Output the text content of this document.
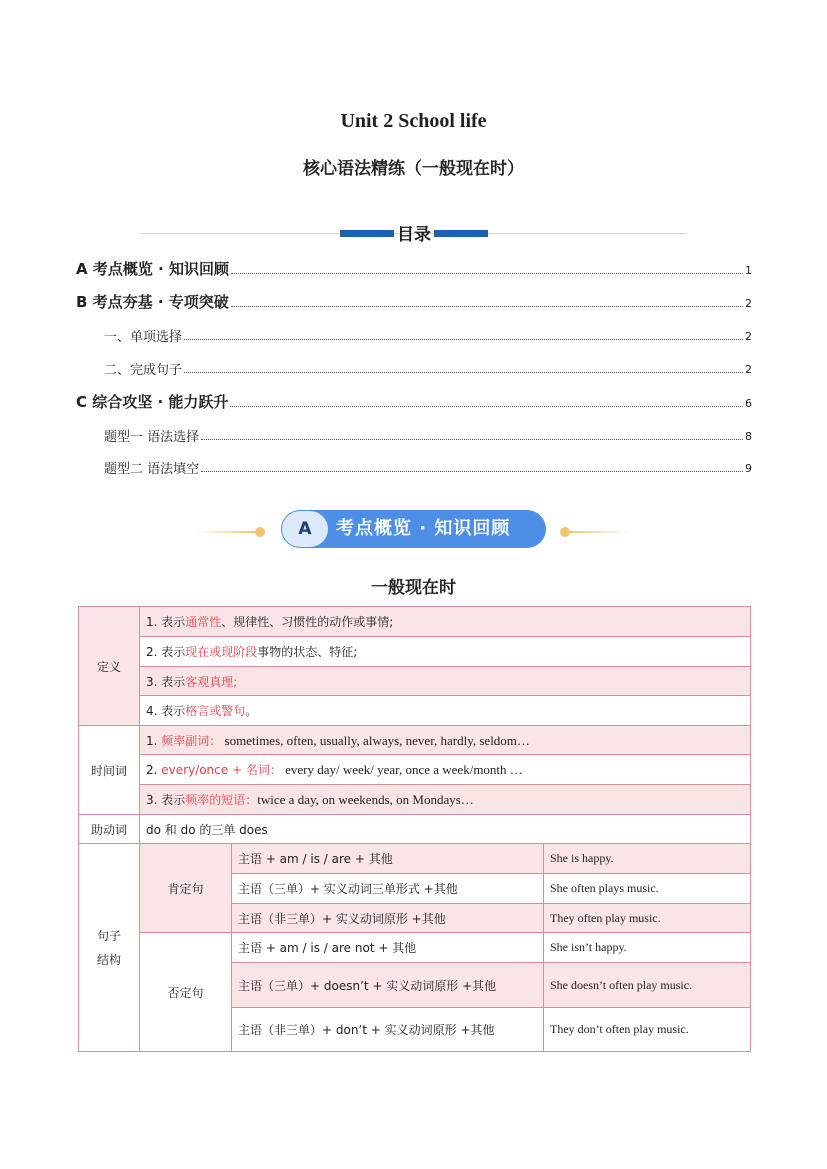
Unit 2 School life
核心语法精练（一般现在时）
目录
A 考点概览 · 知识回顾	1
B 考点夯基 · 专项突破	2
一、单项选择	2
二、完成句子	2
C 综合攻坚 · 能力跃升	6
题型一 语法选择	8
题型二 语法填空	9
A	考点概览 · 知识回顾
一般现在时
定义	1. 表示通常性、规律性、习惯性的动作或事情;		
	2. 表示现在或现阶段事物的状态、特征;		
	3. 表示客观真理;		
	4. 表示格言或警句。		
时间词	1. 频率副词： sometimes, often, usually, always, never, hardly, seldom…		
	2. every/once + 名词： every day/ week/ year, once a week/month …		
	3. 表示频率的短语：twice a day, on weekends, on Mondays…		
助动词	do 和 do 的三单 does		
句子
结构	肯定句	主语 + am / is / are + 其他	She is happy.
		主语（三单）+ 实义动词三单形式 +其他	She often plays music.
		主语（非三单）+ 实义动词原形 +其他	They often play music.
	否定句	主语 + am / is / are not + 其他	She isn’t happy.
		主语（三单）+ doesn’t + 实义动词原形 +其他	She doesn’t often play music.
		主语（非三单）+ don’t + 实义动词原形 +其他	They don’t often play music.
